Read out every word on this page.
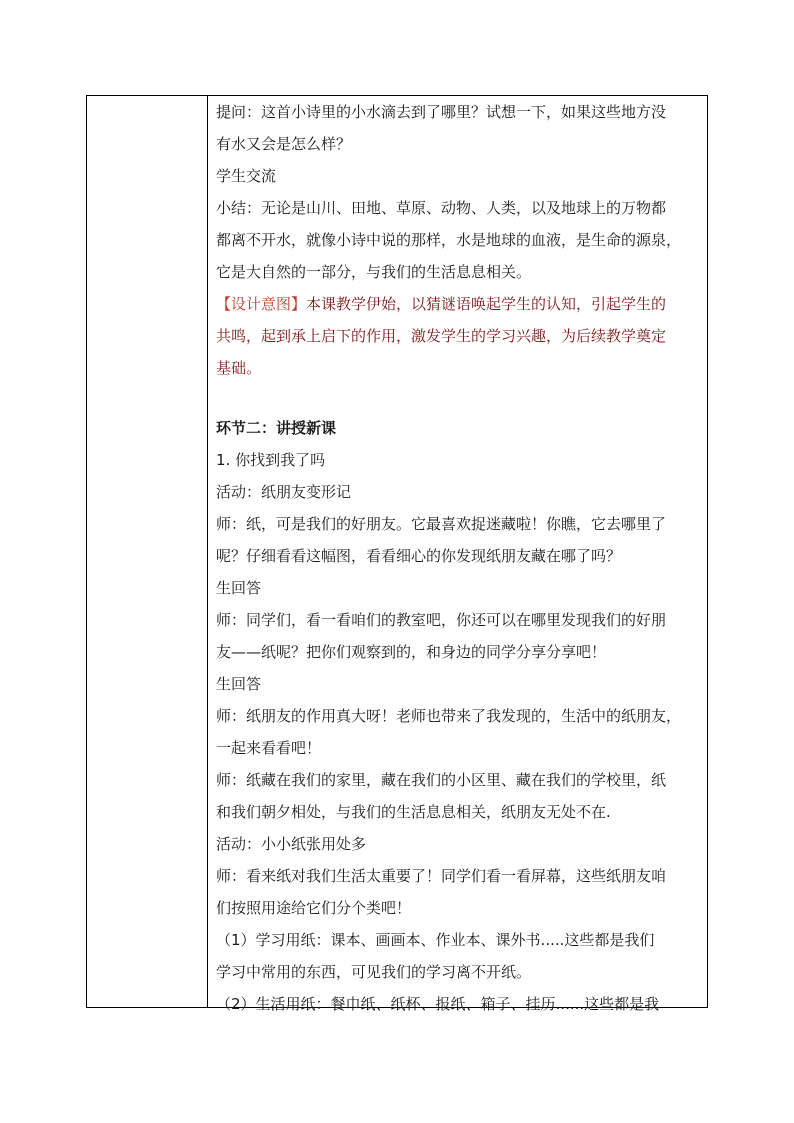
提问：这首小诗里的小水滴去到了哪里？试想一下，如果这些地方没

有水又会是怎么样？

学生交流

小结：无论是山川、田地、草原、动物、人类，以及地球上的万物都

都离不开水，就像小诗中说的那样，水是地球的血液，是生命的源泉，

它是大自然的一部分，与我们的生活息息相关。

【设计意图】本课教学伊始，以猜谜语唤起学生的认知，引起学生的

共鸣，起到承上启下的作用，激发学生的学习兴趣，为后续教学奠定

基础。

环节二：讲授新课

1. 你找到我了吗

活动：纸朋友变形记

师：纸，可是我们的好朋友。它最喜欢捉迷藏啦！你瞧，它去哪里了

呢？仔细看看这幅图，看看细心的你发现纸朋友藏在哪了吗？

生回答

师：同学们，看一看咱们的教室吧，你还可以在哪里发现我们的好朋

友——纸呢？把你们观察到的，和身边的同学分享分享吧！

生回答

师：纸朋友的作用真大呀！老师也带来了我发现的，生活中的纸朋友，

一起来看看吧！

师：纸藏在我们的家里，藏在我们的小区里、藏在我们的学校里，纸

和我们朝夕相处，与我们的生活息息相关，纸朋友无处不在.

活动：小小纸张用处多

师：看来纸对我们生活太重要了！同学们看一看屏幕，这些纸朋友咱

们按照用途给它们分个类吧！

（1）学习用纸：课本、画画本、作业本、课外书.....这些都是我们

学习中常用的东西，可见我们的学习离不开纸。

（2）生活用纸：餐巾纸、纸杯、报纸、箱子、挂历......这些都是我
